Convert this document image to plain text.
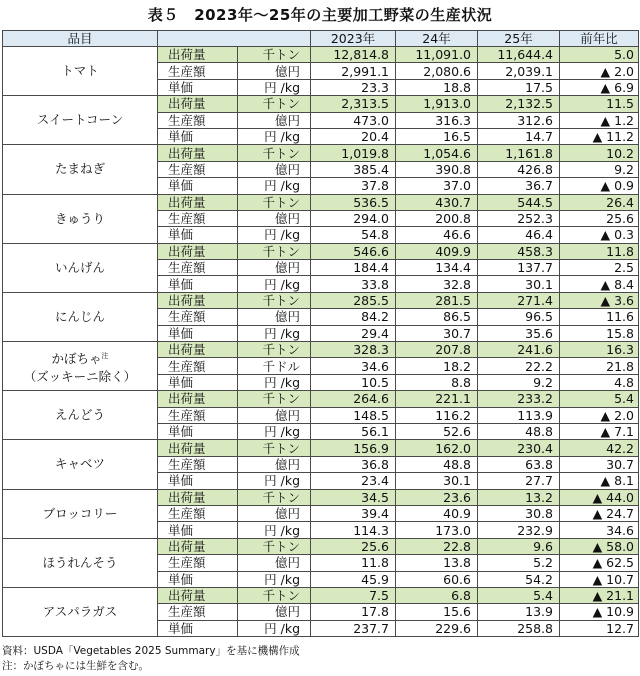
表５　2023年～25年の主要加工野菜の生産状況
品目			2023年	24年	25年	前年比
トマト	出荷量	千トン	12,814.8	11,091.0	11,644.4	5.0
	生産額	億円	2,991.1	2,080.6	2,039.1	▲ 2.0
	単価	円 /kg	23.3	18.8	17.5	▲ 6.9
スイートコーン	出荷量	千トン	2,313.5	1,913.0	2,132.5	11.5
	生産額	億円	473.0	316.3	312.6	▲ 1.2
	単価	円 /kg	20.4	16.5	14.7	▲ 11.2
たまねぎ	出荷量	千トン	1,019.8	1,054.6	1,161.8	10.2
	生産額	億円	385.4	390.8	426.8	9.2
	単価	円 /kg	37.8	37.0	36.7	▲ 0.9
きゅうり	出荷量	千トン	536.5	430.7	544.5	26.4
	生産額	億円	294.0	200.8	252.3	25.6
	単価	円 /kg	54.8	46.6	46.4	▲ 0.3
いんげん	出荷量	千トン	546.6	409.9	458.3	11.8
	生産額	億円	184.4	134.4	137.7	2.5
	単価	円 /kg	33.8	32.8	30.1	▲ 8.4
にんじん	出荷量	千トン	285.5	281.5	271.4	▲ 3.6
	生産額	億円	84.2	86.5	96.5	11.6
	単価	円 /kg	29.4	30.7	35.6	15.8
かぼちゃ$^注$
（ズッキーニ除く）	出荷量	千トン	328.3	207.8	241.6	16.3
	生産額	千ドル	34.6	18.2	22.2	21.8
	単価	円 /kg	10.5	8.8	9.2	4.8
えんどう	出荷量	千トン	264.6	221.1	233.2	5.4
	生産額	億円	148.5	116.2	113.9	▲ 2.0
	単価	円 /kg	56.1	52.6	48.8	▲ 7.1
キャベツ	出荷量	千トン	156.9	162.0	230.4	42.2
	生産額	億円	36.8	48.8	63.8	30.7
	単価	円 /kg	23.4	30.1	27.7	▲ 8.1
ブロッコリー	出荷量	千トン	34.5	23.6	13.2	▲ 44.0
	生産額	億円	39.4	40.9	30.8	▲ 24.7
	単価	円 /kg	114.3	173.0	232.9	34.6
ほうれんそう	出荷量	千トン	25.6	22.8	9.6	▲ 58.0
	生産額	億円	11.8	13.8	5.2	▲ 62.5
	単価	円 /kg	45.9	60.6	54.2	▲ 10.7
アスパラガス	出荷量	千トン	7.5	6.8	5.4	▲ 21.1
	生産額	億円	17.8	15.6	13.9	▲ 10.9
	単価	円 /kg	237.7	229.6	258.8	12.7
資料：USDA「Vegetables 2025 Summary」を基に機構作成
注：かぼちゃには生鮮を含む。
